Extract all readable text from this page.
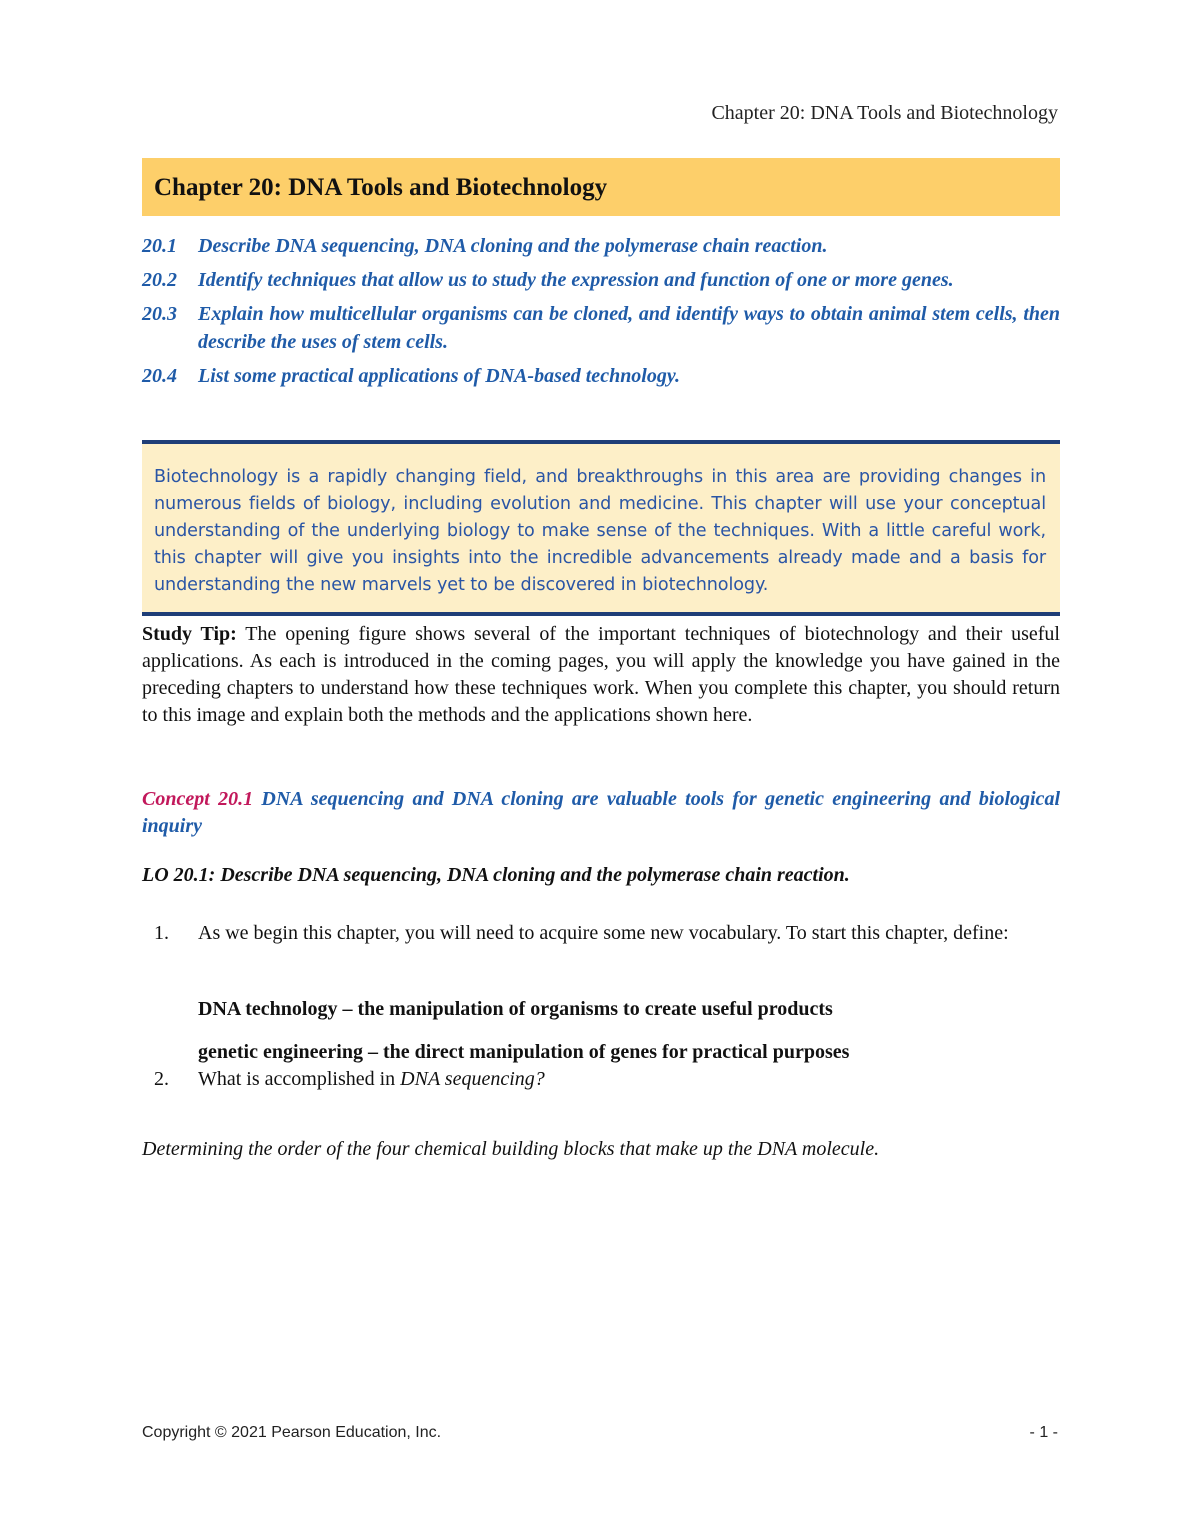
Chapter 20: DNA Tools and Biotechnology
Chapter 20: DNA Tools and Biotechnology
20.1	Describe DNA sequencing, DNA cloning and the polymerase chain reaction.
20.2	Identify techniques that allow us to study the expression and function of one or more genes.
20.3	Explain how multicellular organisms can be cloned, and identify ways to obtain animal stem cells, then describe the uses of stem cells.
20.4	List some practical applications of DNA-based technology.
Biotechnology is a rapidly changing field, and breakthroughs in this area are providing changes in numerous fields of biology, including evolution and medicine. This chapter will use your conceptual understanding of the underlying biology to make sense of the techniques. With a little careful work, this chapter will give you insights into the incredible advancements already made and a basis for understanding the new marvels yet to be discovered in biotechnology.

Study Tip: The opening figure shows several of the important techniques of biotechnology and their useful applications. As each is introduced in the coming pages, you will apply the knowledge you have gained in the preceding chapters to understand how these techniques work. When you complete this chapter, you should return to this image and explain both the methods and the applications shown here.

Concept 20.1 DNA sequencing and DNA cloning are valuable tools for genetic engineering and biological inquiry

LO 20.1: Describe DNA sequencing, DNA cloning and the polymerase chain reaction.

1.	As we begin this chapter, you will need to acquire some new vocabulary. To start this chapter, define:
DNA technology – the manipulation of organisms to create useful products
genetic engineering – the direct manipulation of genes for practical purposes
2.	What is accomplished in DNA sequencing?

Determining the order of the four chemical building blocks that make up the DNA molecule.

Copyright © 2021 Pearson Education, Inc.	- 1 -
